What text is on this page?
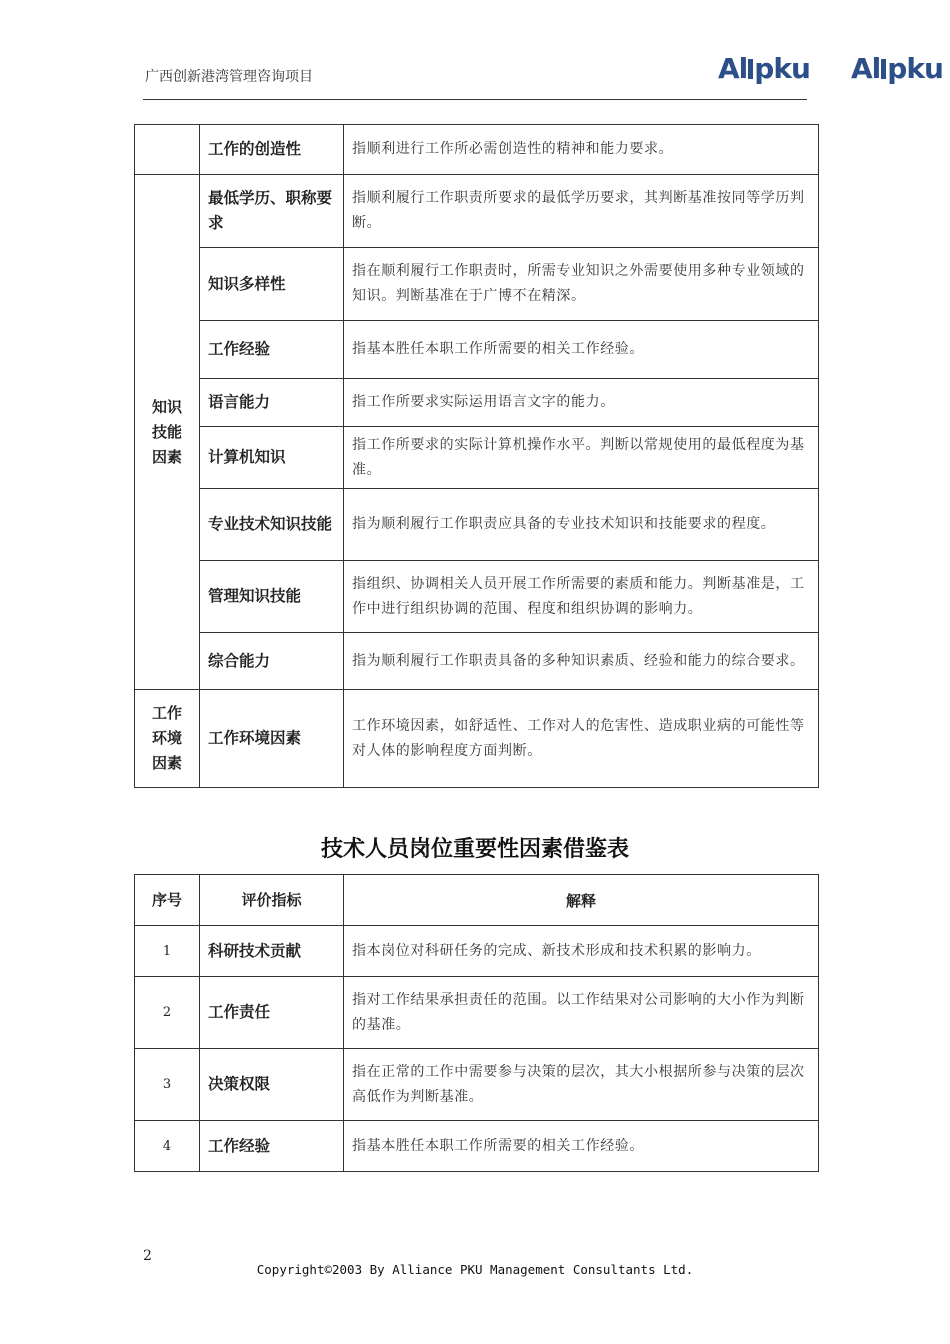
广西创新港湾管理咨询项目	Al pku Al pku
	工作的创造性	指顺利进行工作所必需创造性的精神和能力要求。
知识
技能
因素	最低学历、职称要求	指顺利履行工作职责所要求的最低学历要求，其判断基准按同等学历判断。
	知识多样性	指在顺利履行工作职责时，所需专业知识之外需要使用多种专业领域的知识。判断基准在于广博不在精深。
	工作经验	指基本胜任本职工作所需要的相关工作经验。
	语言能力	指工作所要求实际运用语言文字的能力。
	计算机知识	指工作所要求的实际计算机操作水平。判断以常规使用的最低程度为基准。
	专业技术知识技能	指为顺利履行工作职责应具备的专业技术知识和技能要求的程度。
	管理知识技能	指组织、协调相关人员开展工作所需要的素质和能力。判断基准是，工作中进行组织协调的范围、程度和组织协调的影响力。
	综合能力	指为顺利履行工作职责具备的多种知识素质、经验和能力的综合要求。
工作
环境
因素	工作环境因素	工作环境因素，如舒适性、工作对人的危害性、造成职业病的可能性等对人体的影响程度方面判断。
技术人员岗位重要性因素借鉴表
序号	评价指标	解释
1	科研技术贡献	指本岗位对科研任务的完成、新技术形成和技术积累的影响力。
2	工作责任	指对工作结果承担责任的范围。以工作结果对公司影响的大小作为判断的基准。
3	决策权限	指在正常的工作中需要参与决策的层次，其大小根据所参与决策的层次高低作为判断基准。
4	工作经验	指基本胜任本职工作所需要的相关工作经验。
2
Copyright©2003 By Alliance PKU Management Consultants Ltd.
